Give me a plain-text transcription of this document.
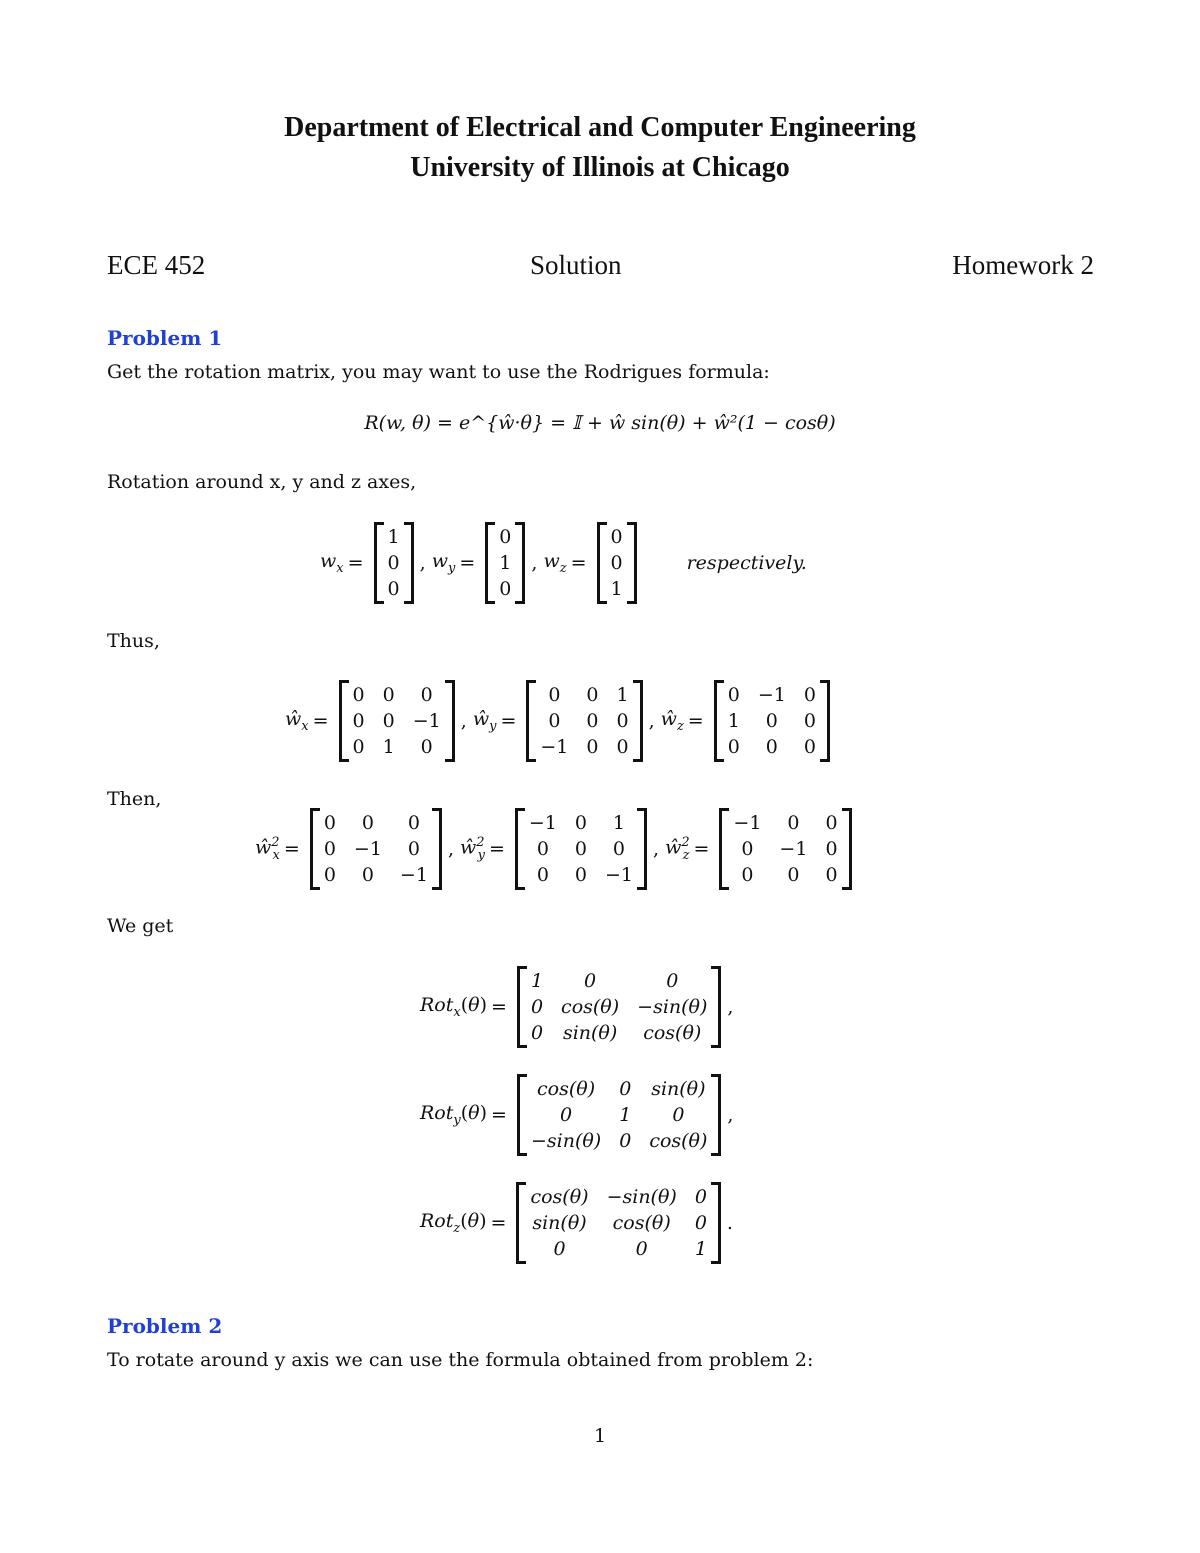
Department of Electrical and Computer Engineering
University of Illinois at Chicago
ECE 452	Solution	Homework 2
Problem 1
Get the rotation matrix, you may want to use the Rodrigues formula:
R(w, θ) = e^{ŵ·θ} = 𝕀 + ŵ sin(θ) + ŵ²(1 − cosθ)
Rotation around x, y and z axes,
$w_x$ =
1
0
0
, $w_y$ =
0
1
0
, $w_z$ =
0
0
1
respectively.
Thus,
$ŵ_x$ =
0 0	0
0 0 −1
0 1	0
, $ŵ_y$ =
0	0 1
0	0 0
−1 0 0
, $ŵ_z$ =
0 −1 0
1	0	0
0	0	0
Then,
$ŵ^2_x$ =
0	0	0
0 −1	0
0	0	−1
, $ŵ^2_y$ =
−1 0	1
0	0	0
0	0 −1
, $ŵ^2_z$ =
−1	0	0
0	−1 0
0	0	0
We get
Rot$_x$(θ) =
1	0	0
0 cos(θ) −sin(θ)
0 sin(θ)	cos(θ)
,
Rot$_y$(θ) =
cos(θ)	0 sin(θ)
0	1	0
−sin(θ) 0 cos(θ)
,
Rot$_z$(θ) =
cos(θ) −sin(θ) 0
sin(θ)	cos(θ)	0
0	0	1
.
Problem 2
To rotate around y axis we can use the formula obtained from problem 2:
1
